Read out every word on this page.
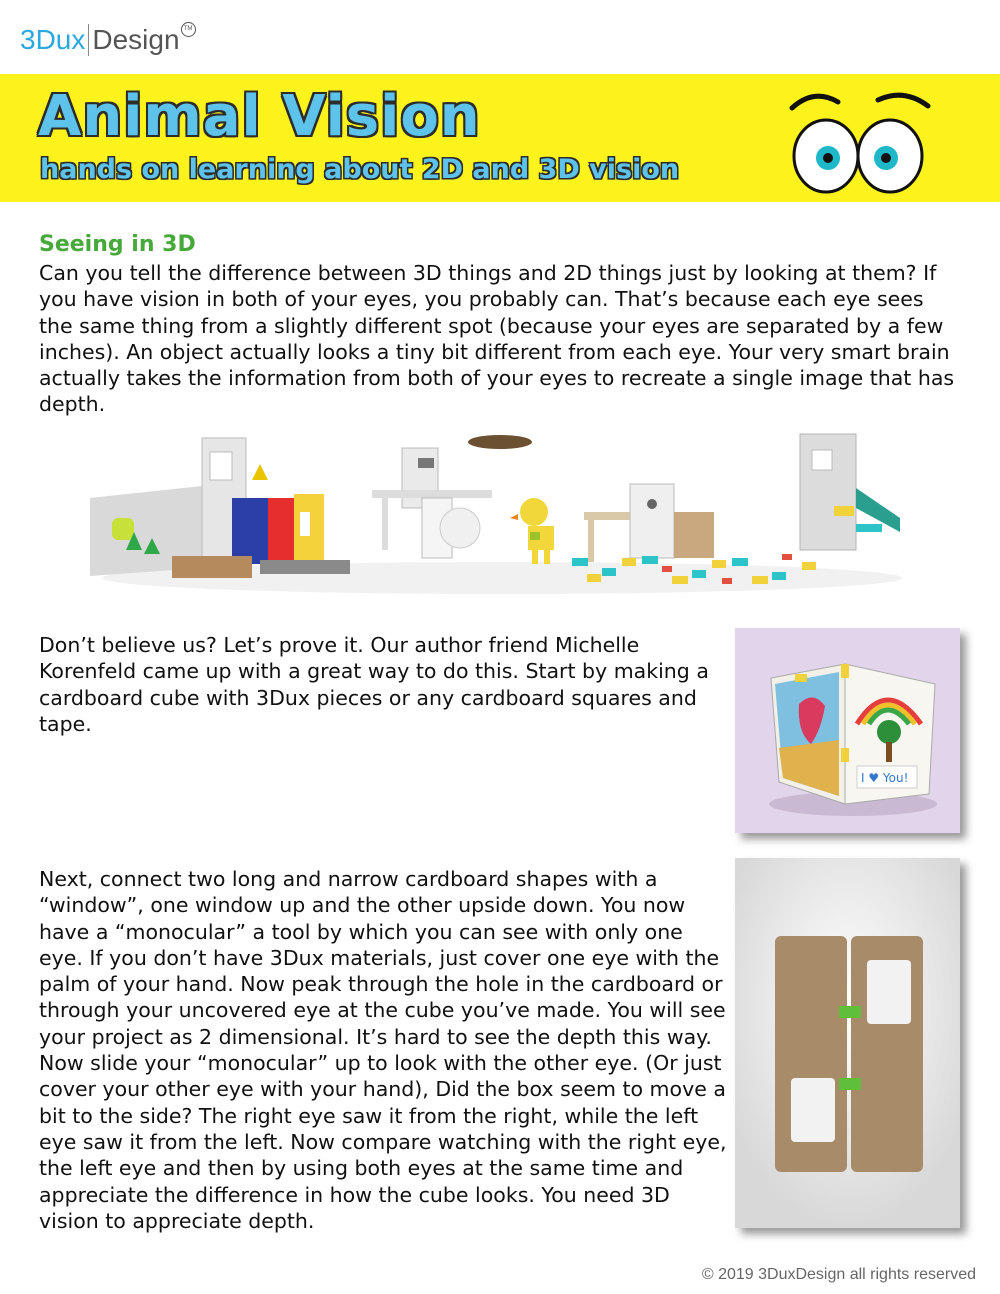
3Dux Design TM
Animal Vision
hands on learning about 2D and 3D vision
Seeing in 3D

Can you tell the difference between 3D things and 2D things just by looking at them? If you have vision in both of your eyes, you probably can. That’s because each eye sees the same thing from a slightly different spot (because your eyes are separated by a few inches). An object actually looks a tiny bit different from each eye. Your very smart brain actually takes the information from both of your eyes to recreate a single image that has depth.

Don’t believe us? Let’s prove it. Our author friend Michelle Korenfeld came up with a great way to do this. Start by making a cardboard cube with 3Dux pieces or any cardboard squares and tape.

I ♥ You!

Next, connect two long and narrow cardboard shapes with a “window”, one window up and the other upside down. You now have a “monocular” a tool by which you can see with only one eye. If you don’t have 3Dux materials, just cover one eye with the palm of your hand. Now peak through the hole in the cardboard or through your uncovered eye at the cube you’ve made. You will see your project as 2 dimensional. It’s hard to see the depth this way. Now slide your “monocular” up to look with the other eye. (Or just cover your other eye with your hand), Did the box seem to move a bit to the side? The right eye saw it from the right, while the left eye saw it from the left. Now compare watching with the right eye, the left eye and then by using both eyes at the same time and appreciate the difference in how the cube looks. You need 3D vision to appreciate depth.

© 2019 3DuxDesign all rights reserved
